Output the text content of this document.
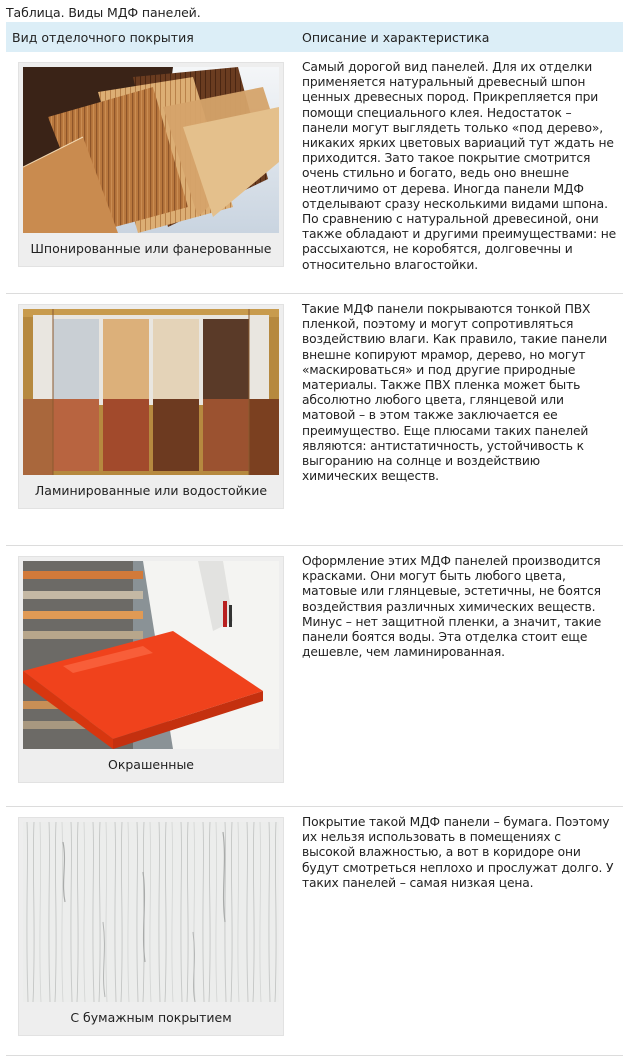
Таблица. Виды МДФ панелей.
Вид отделочного покрытия	Описание и характеристика

Шпонированные или фанерованные	Самый дорогой вид панелей. Для их отделки применяется натуральный древесный шпон ценных древесных пород. Прикрепляется при помощи специального клея. Недостаток – панели могут выглядеть только «под дерево», никаких ярких цветовых вариаций тут ждать не приходится. Зато такое покрытие смотрится очень стильно и богато, ведь оно внешне неотличимо от дерева. Иногда панели МДФ отделывают сразу несколькими видами шпона. По сравнению с натуральной древесиной, они также обладают и другими преимуществами: не рассыхаются, не коробятся, долговечны и относительно влагостойки.

Ламинированные или водостойкие	Такие МДФ панели покрываются тонкой ПВХ пленкой, поэтому и могут сопротивляться воздействию влаги. Как правило, такие панели внешне копируют мрамор, дерево, но могут «маскироваться» и под другие природные материалы. Также ПВХ пленка может быть абсолютно любого цвета, глянцевой или матовой – в этом также заключается ее преимущество. Еще плюсами таких панелей являются: антистатичность, устойчивость к выгоранию на солнце и воздействию химических веществ.

Окрашенные	Оформление этих МДФ панелей производится красками. Они могут быть любого цвета, матовые или глянцевые, эстетичны, не боятся воздействия различных химических веществ. Минус – нет защитной пленки, а значит, такие панели боятся воды. Эта отделка стоит еще дешевле, чем ламинированная.

С бумажным покрытием	Покрытие такой МДФ панели – бумага. Поэтому их нельзя использовать в помещениях с высокой влажностью, а вот в коридоре они будут смотреться неплохо и прослужат долго. У таких панелей – самая низкая цена.
